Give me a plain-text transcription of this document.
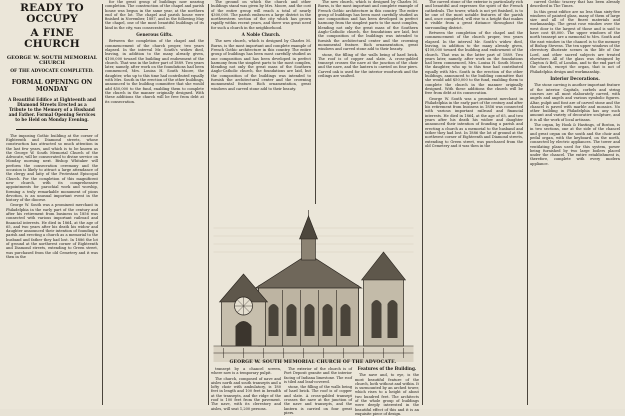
READY TO OCCUPY
A FINE CHURCH
GEORGE W. SOUTH MEMORIAL CHURCH
OF THE ADVOCATE COMPLETED.
FORMAL OPENING ON MONDAY
A Beautiful Edifice at Eighteenth and Diamond Streets Erected as a Tribute to the Memory of a Husband and Father. Formal Opening Services to be Held on Monday Evening.

The imposing Gothic building at the corner of Eighteenth and Diamond streets, whose construction has attracted so much attention in the last few years, and which is to be known as the George W. South Memorial Church of the Advocate, will be consecrated to divine service on Monday morning next. Bishop Whitaker will perform the consecration ceremony and the occasion is likely to attract a large attendance of the clergy and laity of the Protestant Episcopal Church. For the completion of this magnificent new church, with its comprehensive appointments for parochial work and worship, forming a truly remarkable monument of pious devotion, is an unusual important event in the history of the diocese.

George W. South was a prominent merchant in Philadelphia in the early part of the century and after his retirement from business in 1856 was connected with various important railroad and financial interests. He died in 1864, at the age of 65, and two years after his death his widow and daughter announced their intention of founding a parish and erecting a church as a memorial to the husband and father they had lost. In 1886 the lot of ground at the northwest corner of Eighteenth and Diamond streets, extending to Green street, was purchased from the old Cemetery and it was then in the

for the great group of buildings now nearing completion. The construction of the chapel and parish house was begun in the same year, at the northern end of the lot. The chapel and parish house were finished in November, 1887, and in the following May the chapel, one of the most beautiful buildings of its kind in the city, was consecrated.

Generous Gifts.

Between the completion of the chapel and the commencement of the church proper, two years elapsed. In the interval Mr. South's widow died, leaving, in addition to the many already given, $100,000 toward the building and endowment of the church. That was in the latter part of 1889. Two years later, namely, after work on the foundations had been commenced, Mrs. Louisa H. South Moore, the daughter, who up to this time had contributed equally with Mrs. South in the erection of the other buildings, announced to the building committee that she would add $50,000 to the fund, enabling them to complete the church in the manner originally designed. With these additions the church will be free from debt at its consecration.

The ground on which the church and other buildings stand was given by Mrs. Moore, and the cost of the entire group will reach a total of nearly $300,000. The parish embraces a large district in the northwestern section of the city which has grown rapidly within recent years, and there was great need for such a church in the neighborhood.

A Noble Church.

The new church, which is designed by Charles M. Burns, is the most important and complete example of French Gothic architecture in this country. The entire group of buildings has been most carefully studied as one composition and has been developed in perfect harmony from the simplest parts to the most complex, blending not only the great mass of the Southern Anglo-Catholic church, the foundations are laid, but the composition of the buildings was intended to furnish the architectural center and the crowning monumental feature. Rich ornamentation, great windows and carved stone add to their beauty.

The new church, which is designed by Charles M. Burns, is the most important and complete example of French Gothic architecture in this country. The entire group of buildings has been most carefully studied as one composition and has been developed in perfect harmony from the simplest parts to the most complex, blending not only the great mass of the Southern Anglo-Catholic church, the foundations are laid, but the composition of the buildings was intended to furnish the architectural center and the crowning monumental feature. Rich ornamentation, great windows and carved stone add to their beauty.

stone, the filling of the walls being of hard brick. The roof is of copper and slate. A cross-gabled transept crosses the nave at the junction of the choir and the nave, and the lantern is carried on four piers. Carved oak is used for the interior woodwork and the ceilings are vaulted.

The carved stone of the exterior is particularly rich and beautiful and expresses the spirit of the French cathedrals. The tower, which is not yet finished, is to be one of the most notable features of the parish and, once completed, will rise to a height that makes it visible from a great distance throughout the surrounding district.

Between the completion of the chapel and the commencement of the church proper, two years elapsed. In the interval Mr. South's widow died, leaving, in addition to the many already given, $100,000 toward the building and endowment of the church. That was in the latter part of 1889. Two years later, namely, after work on the foundations had been commenced, Mrs. Louisa H. South Moore, the daughter, who up to this time had contributed equally with Mrs. South in the erection of the other buildings, announced to the building committee that she would add $50,000 to the fund, enabling them to complete the church in the manner originally designed. With these additions the church will be free from debt at its consecration.

George W. South was a prominent merchant in Philadelphia in the early part of the century and after his retirement from business in 1856 was connected with various important railroad and financial interests. He died in 1864, at the age of 65, and two years after his death his widow and daughter announced their intention of founding a parish and erecting a church as a memorial to the husband and father they had lost. In 1886 the lot of ground at the northwest corner of Eighteenth and Diamond streets, extending to Green street, was purchased from the old Cemetery and it was then in the

carved Gothic tracery that has been already described in The Times.

In this great edifice are no less than sixty-five windows of painted glass, many of them of large size and all of the finest materials and workmanship. The great rose window over the west door is the largest of those and is said to have cost $8,000. The upper windows of the north transept are a memorial to Mrs. South and the east window in the chancel is to the memory of Bishop Stevens. The ten upper windows of the clerestory illustrate scenes in the life of Our Lord, and other sacred subjects are treated elsewhere. All of the glass was designed by Clayton & Bell, of London, and to the end part of the church, except the organ, that is not of Philadelphia design and workmanship.

Interior Decorations.

The stone carving is another important feature of the interior. Capitals, corbels and string courses are all most elaborately carved, with angels and angels and various symbolic figures. Altar, pulpit and font are of carved stone and the chancel is paved with marble and mosaics. No other building in Philadelphia has any such amount and variety of decorative sculpture, and it is all the work of local artisans.

The organ, by Hook & Hastings, of Boston, is in two sections, one at the side of the chancel and great organ on the south and the choir and pedal organ, with the keyboard, on the north, connected by electric appliances. The tower and ventilating plans used for this system, power being furnished by two large boilers placed under the chancel. The entire establishment is, therefore, complete with every modern appliance.

GEORGE W. SOUTH MEMORIAL CHURCH OF THE ADVOCATE.

transept by a chancel screen, where now is a temporary pulpit.

The church, composed of nave and aisles north and south transepts and a lofty choir with ambulatory, is 180 feet in length and 100 feet in breadth at the transepts, and the ridge of the roof is 100 feet from the pavement. The nave, with its clerestory and aisles, will seat 1,200 persons.

The exterior of the church is of Port Deposit granite and the interior facing of Indiana limestone. The roof is tiled and lead-covered.

stone, the filling of the walls being of hard brick. The roof is of copper and slate. A cross-gabled transept crosses the nave at the junction of the nave and transepts, and the lantern is carried on four great piers.

Features of the Building.

The nave and, to eye, is the most beautiful feature of the church, both without and within. It is surmounted by an arched tower, which rises to a height of about two hundred feet. The architects of the whole group of buildings were deeply interested in the beautiful effect of this and it is an exquisite piece of design.
